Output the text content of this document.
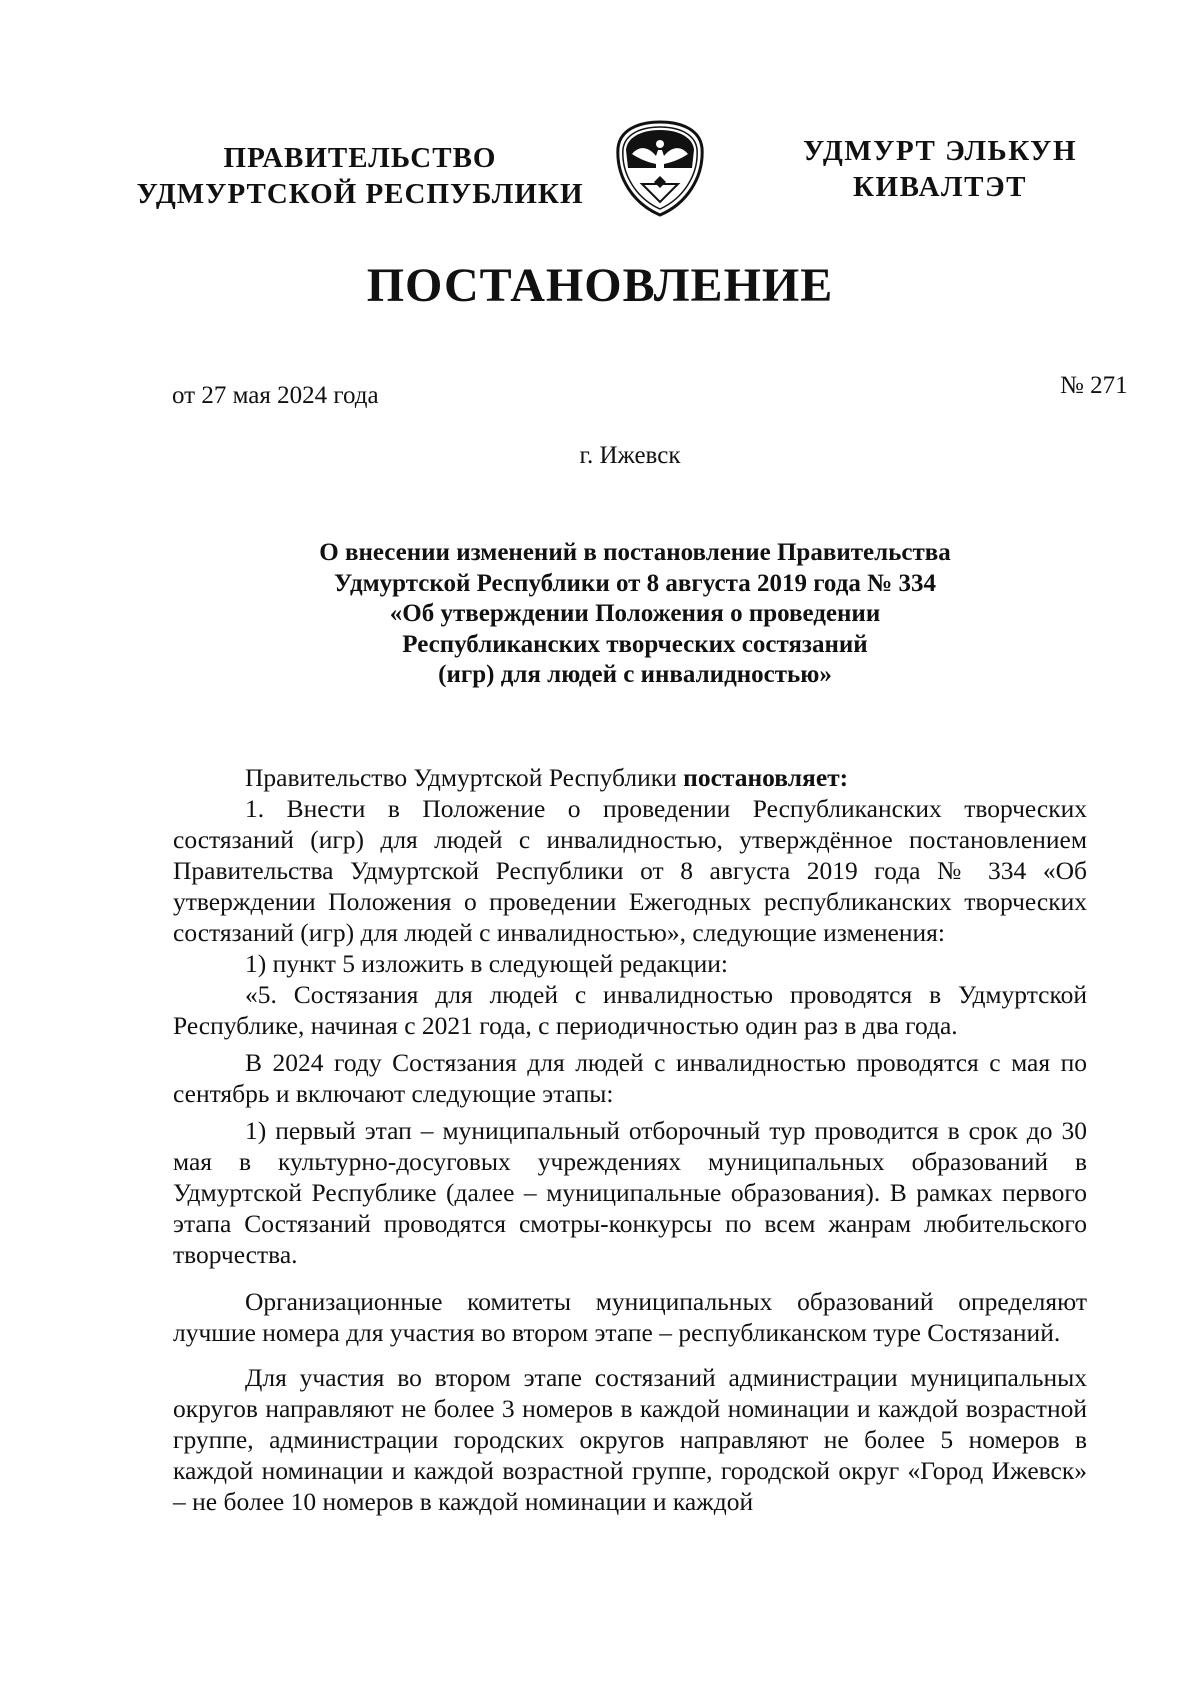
ПРАВИТЕЛЬСТВО
УДМУРТСКОЙ РЕСПУБЛИКИ
УДМУРТ ЭЛЬКУН
КИВАЛТЭТ
ПОСТАНОВЛЕНИЕ
от 27 мая 2024 года	№ 271
г. Ижевск
О внесении изменений в постановление Правительства
Удмуртской Республики от 8 августа 2019 года № 334
«Об утверждении Положения о проведении
Республиканских творческих состязаний
(игр) для людей с инвалидностью»

Правительство Удмуртской Республики постановляет:

1. Внести в Положение о проведении Республиканских творческих состязаний (игр) для людей с инвалидностью, утверждённое постановлением Правительства Удмуртской Республики от 8 августа 2019 года № 334 «Об утверждении Положения о проведении Ежегодных республиканских творческих состязаний (игр) для людей с инвалидностью», следующие изменения:

1) пункт 5 изложить в следующей редакции:

«5. Состязания для людей с инвалидностью проводятся в Удмуртской Республике, начиная с 2021 года, с периодичностью один раз в два года.

В 2024 году Состязания для людей с инвалидностью проводятся с мая по сентябрь и включают следующие этапы:

1) первый этап – муниципальный отборочный тур проводится в срок до 30 мая в культурно-досуговых учреждениях муниципальных образований в Удмуртской Республике (далее – муниципальные образования). В рамках первого этапа Состязаний проводятся смотры-конкурсы по всем жанрам любительского творчества.

Организационные комитеты муниципальных образований определяют лучшие номера для участия во втором этапе – республиканском туре Состязаний.

Для участия во втором этапе состязаний администрации муниципальных округов направляют не более 3 номеров в каждой номинации и каждой возрастной группе, администрации городских округов направляют не более 5 номеров в каждой номинации и каждой возрастной группе, городской округ «Город Ижевск» – не более 10 номеров в каждой номинации и каждой
